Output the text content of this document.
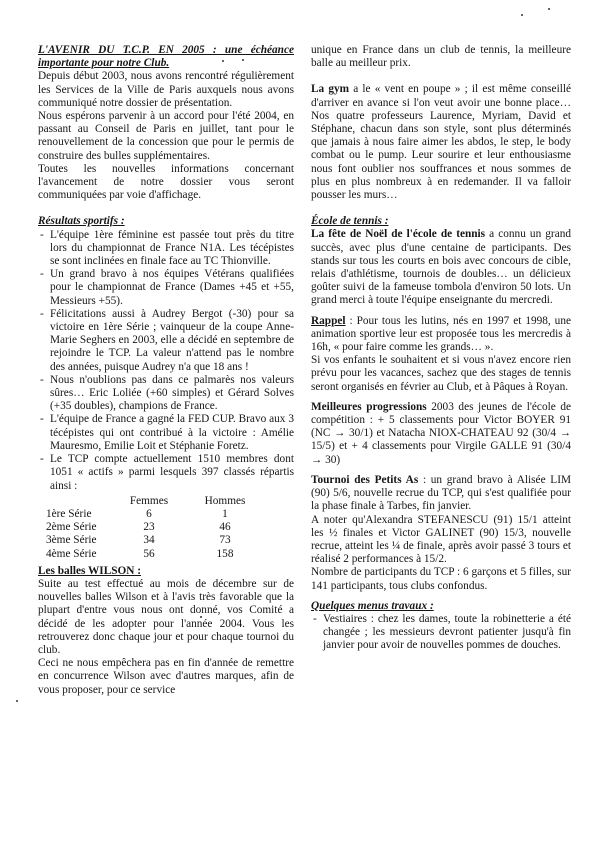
L'AVENIR DU T.C.P. EN 2005 : une échéance importante pour notre Club.

Depuis début 2003, nous avons rencontré régulièrement les Services de la Ville de Paris auxquels nous avons communiqué notre dossier de présentation.

Nous espérons parvenir à un accord pour l'été 2004, en passant au Conseil de Paris en juillet, tant pour le renouvellement de la concession que pour le permis de construire des bulles supplémentaires.

Toutes les nouvelles informations concernant l'avancement de notre dossier vous seront communiquées par voie d'affichage.

Résultats sportifs :

- L'équipe 1ère féminine est passée tout près du titre lors du championnat de France N1A. Les técépistes se sont inclinées en finale face au TC Thionville.
- Un grand bravo à nos équipes Vétérans qualifiées pour le championnat de France (Dames +45 et +55, Messieurs +55).
- Félicitations aussi à Audrey Bergot (-30) pour sa victoire en 1ère Série ; vainqueur de la coupe Anne-Marie Seghers en 2003, elle a décidé en septembre de rejoindre le TCP. La valeur n'attend pas le nombre des années, puisque Audrey n'a que 18 ans !
- Nous n'oublions pas dans ce palmarès nos valeurs sûres… Eric Loliée (+60 simples) et Gérard Solves (+35 doubles), champions de France.
- L'équipe de France a gagné la FED CUP. Bravo aux 3 técépistes qui ont contribué à la victoire : Amélie Mauresmo, Emilie Loit et Stéphanie Foretz.
- Le TCP compte actuellement 1510 membres dont 1051 « actifs » parmi lesquels 397 classés répartis ainsi :
	Femmes	Hommes
1ère Série	6	1
2ème Série	23	46
3ème Série	34	73
4ème Série	56	158

Les balles WILSON :

Suite au test effectué au mois de décembre sur de nouvelles balles Wilson et à l'avis très favorable que la plupart d'entre vous nous ont donné, vos Comité a décidé de les adopter pour l'année 2004. Vous les retrouverez donc chaque jour et pour chaque tournoi du club.

Ceci ne nous empêchera pas en fin d'année de remettre en concurrence Wilson avec d'autres marques, afin de vous proposer, pour ce service

unique en France dans un club de tennis, la meilleure balle au meilleur prix.

La gym a le « vent en poupe » ; il est même conseillé d'arriver en avance si l'on veut avoir une bonne place… Nos quatre professeurs Laurence, Myriam, David et Stéphane, chacun dans son style, sont plus déterminés que jamais à nous faire aimer les abdos, le step, le body combat ou le pump. Leur sourire et leur enthousiasme nous font oublier nos souffrances et nous sommes de plus en plus nombreux à en redemander. Il va falloir pousser les murs…

École de tennis :

La fête de Noël de l'école de tennis a connu un grand succès, avec plus d'une centaine de participants. Des stands sur tous les courts en bois avec concours de cible, relais d'athlétisme, tournois de doubles… un délicieux goûter suivi de la fameuse tombola d'environ 50 lots. Un grand merci à toute l'équipe enseignante du mercredi.

Rappel : Pour tous les lutins, nés en 1997 et 1998, une animation sportive leur est proposée tous les mercredis à 16h, « pour faire comme les grands… ».

Si vos enfants le souhaitent et si vous n'avez encore rien prévu pour les vacances, sachez que des stages de tennis seront organisés en février au Club, et à Pâques à Royan.

Meilleures progressions 2003 des jeunes de l'école de compétition : + 5 classements pour Victor BOYER 91 (NC → 30/1) et Natacha NIOX-CHATEAU 92 (30/4 → 15/5) et + 4 classements pour Virgile GALLE 91 (30/4 → 30)

Tournoi des Petits As : un grand bravo à Alisée LIM (90) 5/6, nouvelle recrue du TCP, qui s'est qualifiée pour la phase finale à Tarbes, fin janvier.

A noter qu'Alexandra STEFANESCU (91) 15/1 atteint les ½ finales et Victor GALINET (90) 15/3, nouvelle recrue, atteint les ¼ de finale, après avoir passé 3 tours et réalisé 2 performances à 15/2.

Nombre de participants du TCP : 6 garçons et 5 filles, sur 141 participants, tous clubs confondus.

Quelques menus travaux :

- Vestiaires : chez les dames, toute la robinetterie a été changée ; les messieurs devront patienter jusqu'à fin janvier pour avoir de nouvelles pommes de douches.
